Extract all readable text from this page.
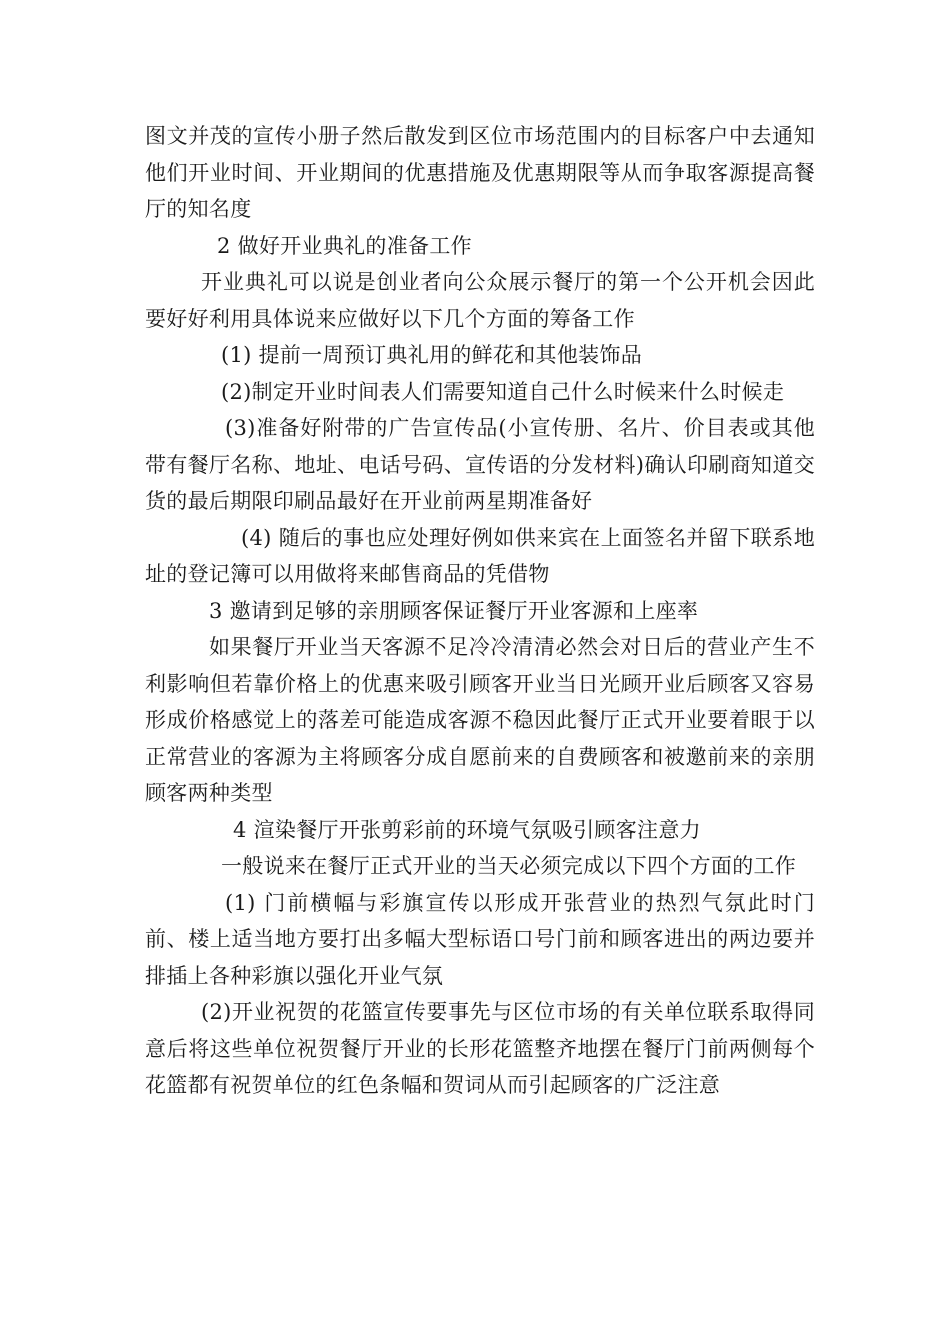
图文并茂的宣传小册子然后散发到区位市场范围内的目标客户中去通知他们开业时间、开业期间的优惠措施及优惠期限等从而争取客源提高餐厅的知名度

2 做好开业典礼的准备工作

开业典礼可以说是创业者向公众展示餐厅的第一个公开机会因此要好好利用具体说来应做好以下几个方面的筹备工作

(1) 提前一周预订典礼用的鲜花和其他装饰品

(2)制定开业时间表人们需要知道自己什么时候来什么时候走

(3)准备好附带的广告宣传品(小宣传册、名片、价目表或其他带有餐厅名称、地址、电话号码、宣传语的分发材料)确认印刷商知道交货的最后期限印刷品最好在开业前两星期准备好

(4) 随后的事也应处理好例如供来宾在上面签名并留下联系地址的登记簿可以用做将来邮售商品的凭借物

3 邀请到足够的亲朋顾客保证餐厅开业客源和上座率

如果餐厅开业当天客源不足冷冷清清必然会对日后的营业产生不利影响但若靠价格上的优惠来吸引顾客开业当日光顾开业后顾客又容易形成价格感觉上的落差可能造成客源不稳因此餐厅正式开业要着眼于以正常营业的客源为主将顾客分成自愿前来的自费顾客和被邀前来的亲朋顾客两种类型

4 渲染餐厅开张剪彩前的环境气氛吸引顾客注意力

一般说来在餐厅正式开业的当天必须完成以下四个方面的工作

(1) 门前横幅与彩旗宣传以形成开张营业的热烈气氛此时门前、楼上适当地方要打出多幅大型标语口号门前和顾客进出的两边要并排插上各种彩旗以强化开业气氛

(2)开业祝贺的花篮宣传要事先与区位市场的有关单位联系取得同意后将这些单位祝贺餐厅开业的长形花篮整齐地摆在餐厅门前两侧每个花篮都有祝贺单位的红色条幅和贺词从而引起顾客的广泛注意
